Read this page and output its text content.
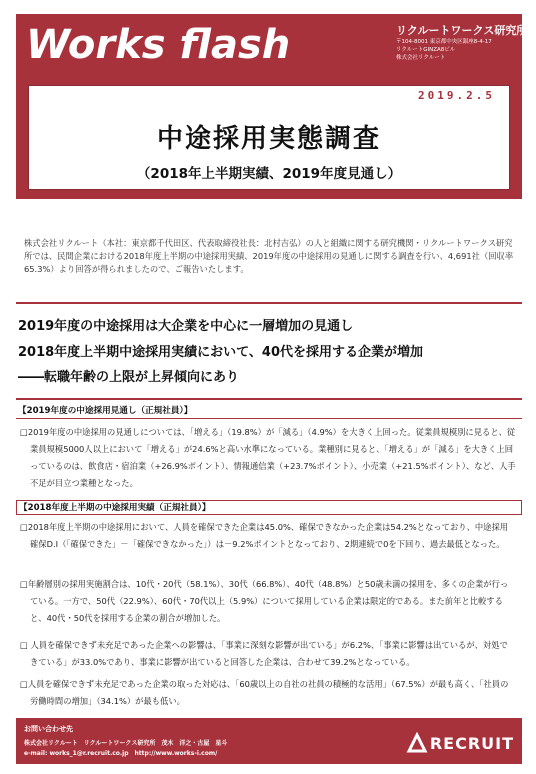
Works flash	リクルートワークス研究所
〒104-8001 東京都中央区銀座8-4-17
リクルートGINZA8ビル
株式会社リクルート
2019.2.5
中途採用実態調査
（2018年上半期実績、2019年度見通し）
株式会社リクルート（本社：東京都千代田区、代表取締役社長：北村吉弘）の人と組織に関する研究機関・リクルートワークス研究所では、民間企業における2018年度上半期の中途採用実績、2019年度の中途採用の見通しに関する調査を行い、4,691社（回収率65.3%）より回答が得られましたので、ご報告いたします。
2019年度の中途採用は大企業を中心に一層増加の見通し
2018年度上半期中途採用実績において、40代を採用する企業が増加
――転職年齢の上限が上昇傾向にあり
【2019年度の中途採用見通し（正規社員）】
□2019年度の中途採用の見通しについては、「増える」（19.8%）が「減る」（4.9%）を大きく上回った。従業員規模別に見ると、従業員規模5000人以上において「増える」が24.6%と高い水準になっている。業種別に見ると、「増える」が「減る」を大きく上回っているのは、飲食店・宿泊業（+26.9%ポイント）、情報通信業（+23.7%ポイント）、小売業（+21.5%ポイント）、など、人手不足が目立つ業種となった。
【2018年度上半期の中途採用実績（正規社員）】
□2018年度上半期の中途採用において、人員を確保できた企業は45.0%、確保できなかった企業は54.2%となっており、中途採用確保D.I（「確保できた」－「確保できなかった」）は－9.2%ポイントとなっており、2期連続で0を下回り、過去最低となった。
□年齢層別の採用実施割合は、10代・20代（58.1%）、30代（66.8%）、40代（48.8%）と50歳未満の採用を、多くの企業が行っている。一方で、50代（22.9%）、60代・70代以上（5.9%）について採用している企業は限定的である。また前年と比較すると、40代・50代を採用する企業の割合が増加した。
□ 人員を確保できず未充足であった企業への影響は、「事業に深刻な影響が出ている」が6.2%、「事業に影響は出ているが、対処できている」が33.0%であり、事業に影響が出ていると回答した企業は、合わせて39.2%となっている。
□人員を確保できず未充足であった企業の取った対応は、「60歳以上の自社の社員の積極的な活用」（67.5%）が最も高く、「社員の労働時間の増加」（34.1%）が最も低い。
お問い合わせ先
株式会社リクルート　リクルートワークス研究所　茂木　洋之・古屋　星斗
e-mail: works_1@r.recruit.co.jp　http://www.works-i.com/
RECRUIT
